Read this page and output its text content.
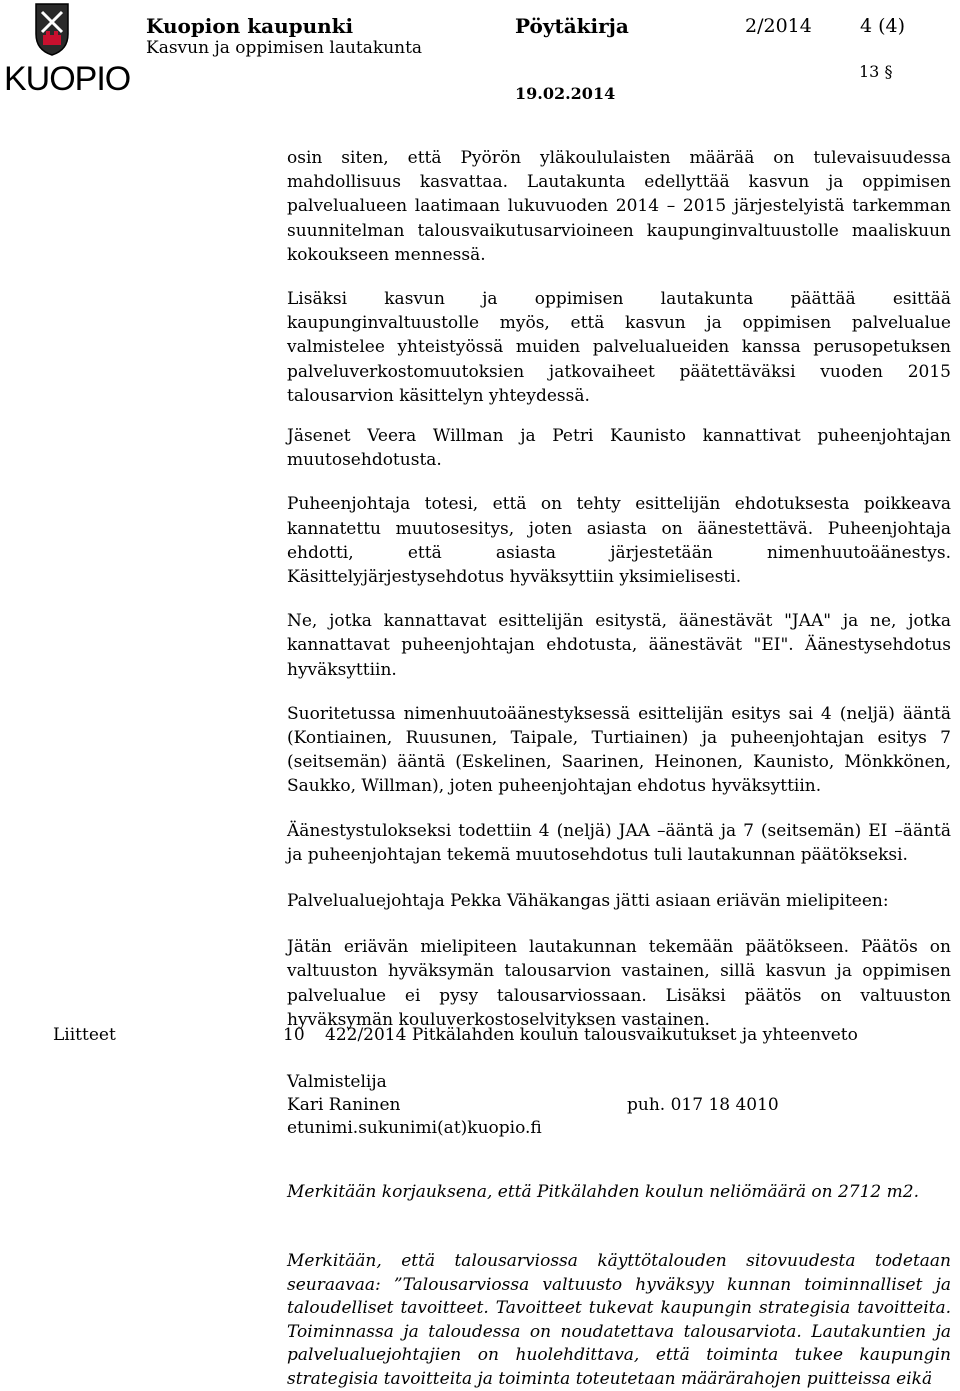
KUOPIO
Kuopion kaupunki
Kasvun ja oppimisen lautakunta
Pöytäkirja	2/2014	4 (4)
13 §
19.02.2014

osin siten, että Pyörön yläkoululaisten määrää on tulevaisuudessa mahdollisuus kasvattaa. Lautakunta edellyttää kasvun ja oppimisen palvelualueen laatimaan lukuvuoden 2014 – 2015 järjestelyistä tarkemman suunnitelman talousvaikutusarvioineen kaupunginvaltuustolle maaliskuun kokoukseen mennessä.

Lisäksi kasvun ja oppimisen lautakunta päättää esittää kaupunginvaltuustolle myös, että kasvun ja oppimisen palvelualue valmistelee yhteistyössä muiden palvelualueiden kanssa perusopetuksen palveluverkostomuutoksien jatkovaiheet päätettäväksi vuoden 2015 talousarvion käsittelyn yhteydessä.

Jäsenet Veera Willman ja Petri Kaunisto kannattivat puheenjohtajan muutosehdotusta.

Puheenjohtaja totesi, että on tehty esittelijän ehdotuksesta poikkeava kannatettu muutosesitys, joten asiasta on äänestettävä. Puheenjohtaja ehdotti, että asiasta järjestetään nimenhuutoäänestys. Käsittelyjärjestysehdotus hyväksyttiin yksimielisesti.

Ne, jotka kannattavat esittelijän esitystä, äänestävät "JAA" ja ne, jotka kannattavat puheenjohtajan ehdotusta, äänestävät "EI". Äänestysehdotus hyväksyttiin.

Suoritetussa nimenhuutoäänestyksessä esittelijän esitys sai 4 (neljä) ääntä (Kontiainen, Ruusunen, Taipale, Turtiainen) ja puheenjohtajan esitys 7 (seitsemän) ääntä (Eskelinen, Saarinen, Heinonen, Kaunisto, Mönkkönen, Saukko, Willman), joten puheenjohtajan ehdotus hyväksyttiin.

Äänestystulokseksi todettiin 4 (neljä) JAA –ääntä ja 7 (seitsemän) EI –ääntä ja puheenjohtajan tekemä muutosehdotus tuli lautakunnan päätökseksi.

Palvelualuejohtaja Pekka Vähäkangas jätti asiaan eriävän mielipiteen:

Jätän eriävän mielipiteen lautakunnan tekemään päätökseen. Päätös on valtuuston hyväksymän talousarvion vastainen, sillä kasvun ja oppimisen palvelualue ei pysy talousarviossaan. Lisäksi päätös on valtuuston hyväksymän kouluverkostoselvityksen vastainen.

Liitteet	10 422/2014 Pitkälahden koulun talousvaikutukset ja yhteenveto
Valmistelija
Kari Raninen	puh. 017 18 4010
etunimi.sukunimi(at)kuopio.fi

Merkitään korjauksena, että Pitkälahden koulun neliömäärä on 2712 m2.

Merkitään, että talousarviossa käyttötalouden sitovuudesta todetaan seuraavaa: ”Talousarviossa valtuusto hyväksyy kunnan toiminnalliset ja taloudelliset tavoitteet. Tavoitteet tukevat kaupungin strategisia tavoitteita. Toiminnassa ja taloudessa on noudatettava talousarviota. Lautakuntien ja palvelualuejohtajien on huolehdittava, että toiminta tukee kaupungin strategisia tavoitteita ja toiminta toteutetaan määrärahojen puitteissa eikä
